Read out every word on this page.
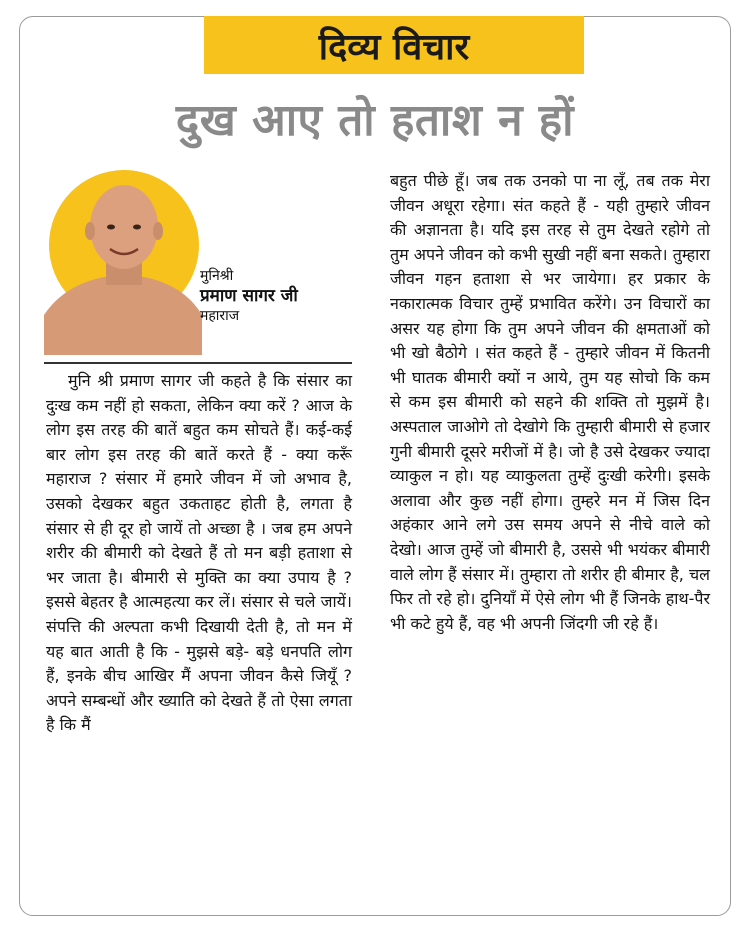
दिव्य विचार
दुख आए तो हताश न हों
मुनिश्री
प्रमाण सागर जी
महाराज
मुनि श्री प्रमाण सागर जी कहते है कि संसार का दुःख कम नहीं हो सकता, लेकिन क्या करें ? आज के लोग इस तरह की बातें बहुत कम सोचते हैं। कई-कई बार लोग इस तरह की बातें करते हैं - क्या करूँ महाराज ? संसार में हमारे जीवन में जो अभाव है, उसको देखकर बहुत उकताहट होती है, लगता है संसार से ही दूर हो जायें तो अच्छा है । जब हम अपने शरीर की बीमारी को देखते हैं तो मन बड़ी हताशा से भर जाता है। बीमारी से मुक्ति का क्या उपाय है ? इससे बेहतर है आत्महत्या कर लें। संसार से चले जायें। संपत्ति की अल्पता कभी दिखायी देती है, तो मन में यह बात आती है कि - मुझसे बड़े- बड़े धनपति लोग हैं, इनके बीच आखिर मैं अपना जीवन कैसे जियूँ ? अपने सम्बन्धों और ख्याति को देखते हैं तो ऐसा लगता है कि मैं
बहुत पीछे हूँ। जब तक उनको पा ना लूँ, तब तक मेरा जीवन अधूरा रहेगा। संत कहते हैं - यही तुम्हारे जीवन की अज्ञानता है। यदि इस तरह से तुम देखते रहोगे तो तुम अपने जीवन को कभी सुखी नहीं बना सकते। तुम्हारा जीवन गहन हताशा से भर जायेगा। हर प्रकार के नकारात्मक विचार तुम्हें प्रभावित करेंगे। उन विचारों का असर यह होगा कि तुम अपने जीवन की क्षमताओं को भी खो बैठोगे । संत कहते हैं - तुम्हारे जीवन में कितनी भी घातक बीमारी क्यों न आये, तुम यह सोचो कि कम से कम इस बीमारी को सहने की शक्ति तो मुझमें है। अस्पताल जाओगे तो देखोगे कि तुम्हारी बीमारी से हजार गुनी बीमारी दूसरे मरीजों में है। जो है उसे देखकर ज्यादा व्याकुल न हो। यह व्याकुलता तुम्हें दुःखी करेगी। इसके अलावा और कुछ नहीं होगा। तुम्हरे मन में जिस दिन अहंकार आने लगे उस समय अपने से नीचे वाले को देखो। आज तुम्हें जो बीमारी है, उससे भी भयंकर बीमारी वाले लोग हैं संसार में। तुम्हारा तो शरीर ही बीमार है, चल फिर तो रहे हो। दुनियाँ में ऐसे लोग भी हैं जिनके हाथ-पैर भी कटे हुये हैं, वह भी अपनी जिंदगी जी रहे हैं।
